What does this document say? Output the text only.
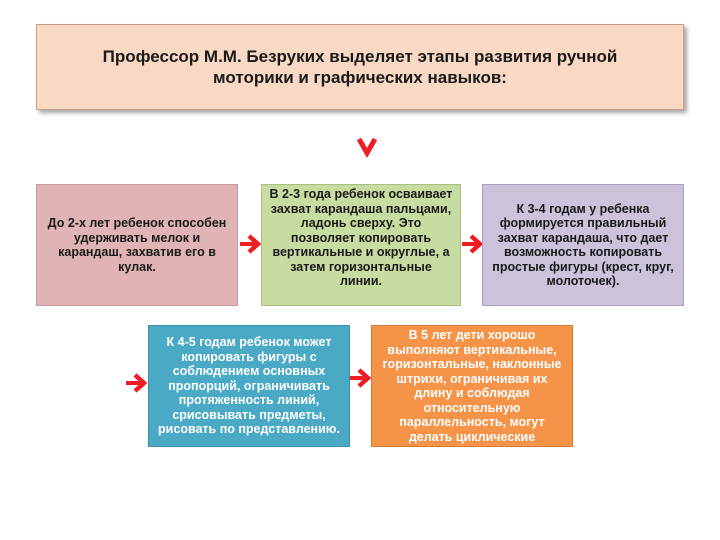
Профессор М.М. Безруких выделяет этапы развития ручной моторики и графических навыков:
До 2-х лет ребенок способен удерживать мелок и карандаш, захватив его в кулак.
В 2-3 года ребенок осваивает захват карандаша пальцами, ладонь сверху. Это позволяет копировать вертикальные и округлые, а затем горизонтальные линии.
К 3-4 годам у ребенка формируется правильный захват карандаша, что дает возможность копировать простые фигуры (крест, круг, молоточек).
К 4-5 годам ребенок может копировать фигуры с соблюдением основных пропорций, ограничивать протяженность линий, срисовывать предметы, рисовать по представлению.
В 5 лет дети хорошо выполняют вертикальные, горизонтальные, наклонные штрихи, ограничивая их длину и соблюдая относительную параллельность, могут делать циклические движения.
